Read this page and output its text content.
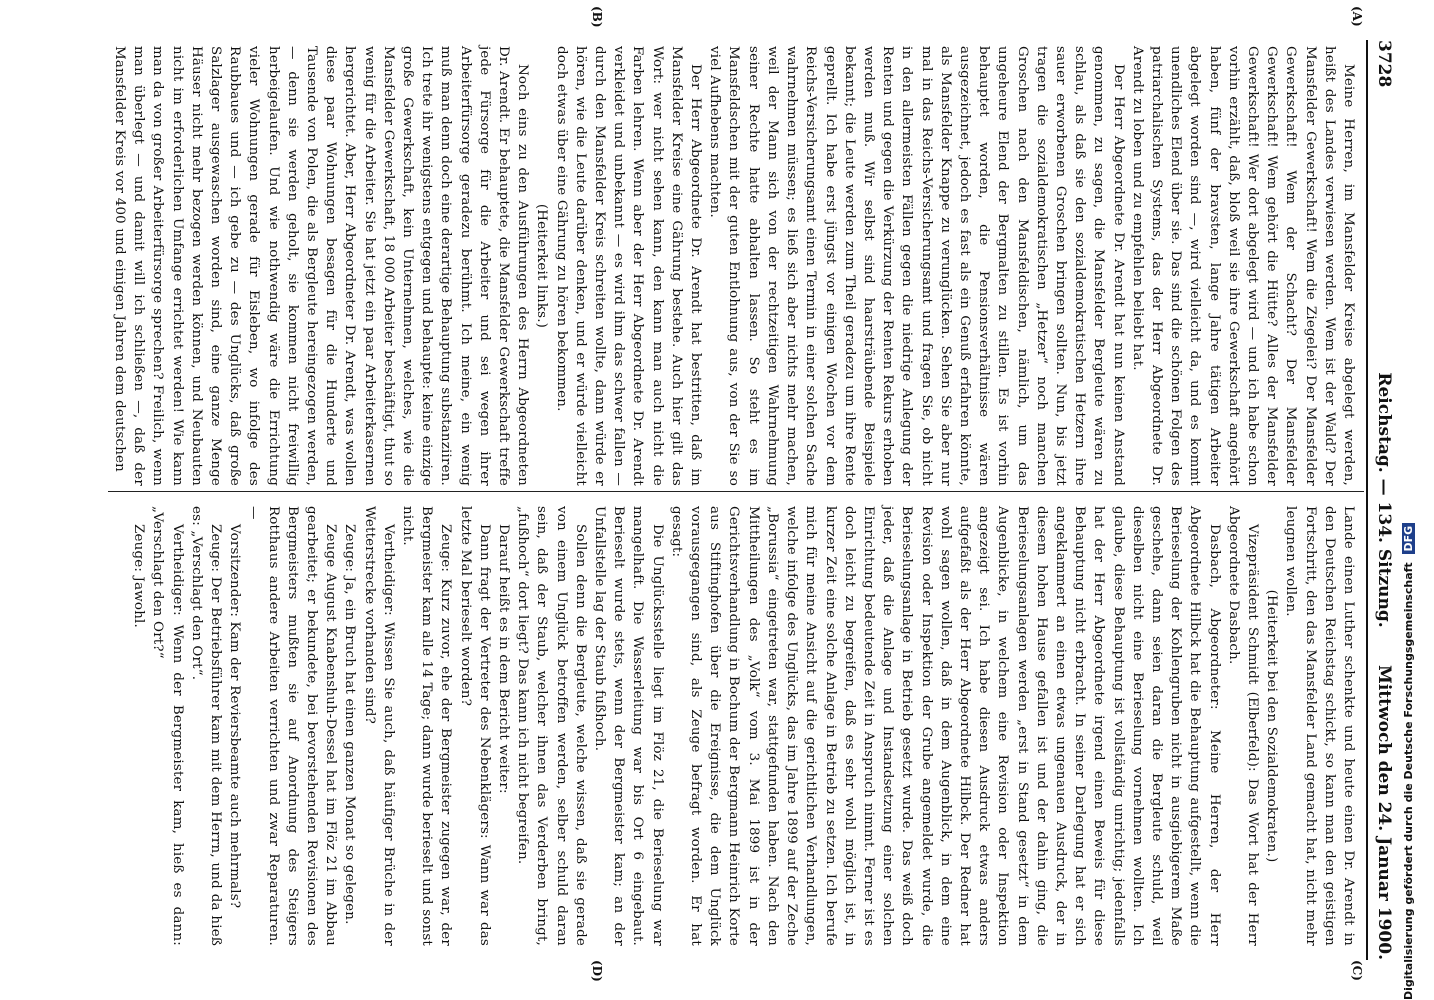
3728
Reichstag. — 134. Sitzung.
Mittwoch den 24. Januar 1900.
(A)
(B)
(C)
(D)

Meine Herren, im Mansfelder Kreise abgelegt werden, heißt des Landes verwiesen werden. Wem ist der Wald? Der Mansfelder Gewerkschaft! Wem die Ziegelei? Der Mansfelder Gewerkschaft! Wem der Schacht? Der Mansfelder Gewerkschaft! Wem gehört die Hütte? Alles der Mansfelder Gewerkschaft! Wer dort abgelegt wird — und ich habe schon vorhin erzählt, daß, bloß weil sie ihre Gewerkschaft angehört haben, fünf der bravsten, lange Jahre tätigen Arbeiter abgelegt worden sind —, wird vielleicht da, und es kommt unendliches Elend über sie. Das sind die schönen Folgen des patriarchalischen Systems, das der Herr Abgeordnete Dr. Arendt zu loben und zu empfehlen beliebt hat.

Der Herr Abgeordnete Dr. Arendt hat nun keinen Anstand genommen, zu sagen, die Mansfelder Bergleute wären zu schlau, als daß sie den sozialdemokratischen Hetzern ihre sauer erworbenen Groschen bringen sollten. Nun, bis jetzt tragen die sozialdemokratischen „Hetzer“ noch manchen Groschen nach den Mansfeldischen, nämlich, um das ungeheure Elend der Bergmalten zu stillen. Es ist vorhin behauptet worden, die Pensionsverhältnisse wären ausgezeichnet, jedoch es fast als ein Genuß erfahren könnte, als Mansfelder Knappe zu verunglücken. Sehen Sie aber nur mal in das Reichs-Versicherungsamt und fragen Sie, ob nicht in den allermeisten Fällen gegen die niedrige Anlegung der Renten und gegen die Verkürzung der Renten Rekurs erhoben werden muß. Wir selbst sind haarsträubende Beispiele bekannt; die Leute werden zum Theil geradezu um ihre Rente geprellt. Ich habe erst jüngst vor einigen Wochen vor dem Reichs-Versicherungsamt einen Termin in einer solchen Sache wahrnehmen müssen; es ließ sich aber nichts mehr machen, weil der Mann sich von der rechtzeitigen Wahrnehmung seiner Rechte hatte abhalten lassen. So steht es im Mansfeldschen mit der guten Entlohnung aus, von der Sie so viel Aufhebens machten.

Der Herr Abgeordnete Dr. Arendt hat bestritten, daß im Mansfelder Kreise eine Gährung bestehe. Auch hier gilt das Wort: wer nicht sehen kann, den kann man auch nicht die Farben lehren. Wenn aber der Herr Abgeordnete Dr. Arendt verkleidet und unbekannt — es wird ihm das schwer fallen — durch den Mansfelder Kreis schreiten wollte, dann würde er hören, wie die Leute darüber denken, und er würde vielleicht doch etwas über eine Gährung zu hören bekommen.

(Heiterkeit links.)

Noch eins zu den Ausführungen des Herrn Abgeordneten Dr. Arendt. Er behauptete, die Mansfelder Gewerkschaft treffe jede Fürsorge für die Arbeiter und sei wegen ihrer Arbeiterfürsorge geradezu berühmt. Ich meine, ein wenig muß man denn doch eine derartige Behauptung substanziiren. Ich trete ihr wenigstens entgegen und behaupte: keine einzige große Gewerkschaft, kein Unternehmen, welches, wie die Mansfelder Gewerkschaft, 18 000 Arbeiter beschäftigt, thut so wenig für die Arbeiter. Sie hat jetzt ein paar Arbeiterkasernen hergerichtet. Aber, Herr Abgeordneter Dr. Arendt, was wollen diese paar Wohnungen besagen für die Hunderte und Tausende von Polen, die als Bergleute hereingezogen werden, — denn sie werden geholt, sie kommen nicht freiwillig herbeigelaufen. Und wie nothwendig wäre die Errichtung vieler Wohnungen gerade für Eisleben, wo infolge des Raubbaues und — ich gebe zu — des Unglücks, daß große Salzlager ausgewaschen worden sind, eine ganze Menge Häuser nicht mehr bezogen werden können, und Neubauten nicht im erforderlichen Umfange errichtet werden! Wie kann man da von großer Arbeiterfürsorge sprechen? Freilich, wenn man überlegt — und damit will ich schließen —, daß der Mansfelder Kreis vor 400 und einigen Jahren dem deutschen

Lande einen Luther schenkte und heute einen Dr. Arendt in den Deutschen Reichstag schickt, so kann man den geistigen Fortschritt, den das Mansfelder Land gemacht hat, nicht mehr leugnen wollen.

(Heiterkeit bei den Sozialdemokraten.)

Vizepräsident Schmidt (Elberfeld): Das Wort hat der Herr Abgeordnete Dasbach.

Dasbach, Abgeordneter: Meine Herren, der Herr Abgeordnete Hilbck hat die Behauptung aufgestellt, wenn die Berieselung der Kohlengruben nicht in ausgiebigerem Maße geschehe, dann seien daran die Bergleute schuld, weil dieselben nicht eine Berieselung vornehmen wollten. Ich glaube, diese Behauptung ist vollständig unrichtig; jedenfalls hat der Herr Abgeordnete irgend einen Beweis für diese Behauptung nicht erbracht. In seiner Darlegung hat er sich angeklammert an einen etwas ungenauen Ausdruck, der in diesem hohen Hause gefallen ist und der dahin ging, die Berieselungsanlagen werden „erst in Stand gesetzt“ in dem Augenblicke, in welchem eine Revision oder Inspektion angezeigt sei. Ich habe diesen Ausdruck etwas anders aufgefaßt als der Herr Abgeordnete Hilbck. Der Redner hat wohl sagen wollen, daß in dem Augenblick, in dem eine Revision oder Inspektion der Grube angemeldet wurde, die Berieselungsanlage in Betrieb gesetzt wurde. Das weiß doch jeder, daß die Anlage und Instandsetzung einer solchen Einrichtung bedeutende Zeit in Anspruch nimmt. Ferner ist es doch leicht zu begreifen, daß es sehr wohl möglich ist, in kurzer Zeit eine solche Anlage in Betrieb zu setzen. Ich berufe mich für meine Ansicht auf die gerichtlichen Verhandlungen, welche infolge des Unglücks, das im Jahre 1899 auf der Zeche „Borussia“ eingetreten war, stattgefunden haben. Nach den Mittheilungen des „Volk“ vom 3. Mai 1899 ist in der Gerichtsverhandlung in Bochum der Bergmann Heinrich Korte aus Stiftinghofen über die Ereignisse, die dem Unglück vorausgegangen sind, als Zeuge befragt worden. Er hat gesagt:

Die Unglücksstelle liegt im Flöz 21, die Berieselung war mangelhaft. Die Wasserleitung war bis Ort 6 eingebaut. Berieselt wurde stets, wenn der Bergmeister kam; an der Unfallstelle lag der Staub fußhoch.

Sollen denn die Bergleute, welche wissen, daß sie gerade von einem Unglück betroffen werden, selber schuld daran sein, daß der Staub, welcher ihnen das Verderben bringt, „fußhoch“ dort liegt? Das kann ich nicht begreifen.

Darauf heißt es in dem Bericht weiter:

Dann fragt der Vertreter des Nebenklägers: Wann war das letzte Mal berieselt worden?

Zeuge: Kurz zuvor, ehe der Bergmeister zugegen war, der Bergmeister kam alle 14 Tage; dann wurde berieselt und sonst nicht.

Vertheidiger: Wissen Sie auch, daß häufiger Brüche in der Wetterstrecke vorhanden sind?

Zeuge: Ja, ein Bruch hat einen ganzen Monat so gelegen.

Zeuge August Knabenshuh-Dessel hat im Flöz 21 im Abbau gearbeitet; er bekundete, bei bevorstehenden Revisionen des Bergmeisters mußten sie auf Anordnung des Steigers Rotthaus andere Arbeiten verrichten und zwar Reparaturen. —

Vorsitzender: Kam der Reviersbeamte auch mehrmals?

Zeuge: Der Betriebsführer kam mit dem Herrn, und da hieß es: „Verschlagt den Ort“.

Vertheidiger: Wenn der Bergmeister kam, hieß es dann: „Verschlagt den Ort?“

Zeuge: Jawohl.	Digitalisierung gefördert durch die Deutsche Forschungsgemeinschaft DFG
